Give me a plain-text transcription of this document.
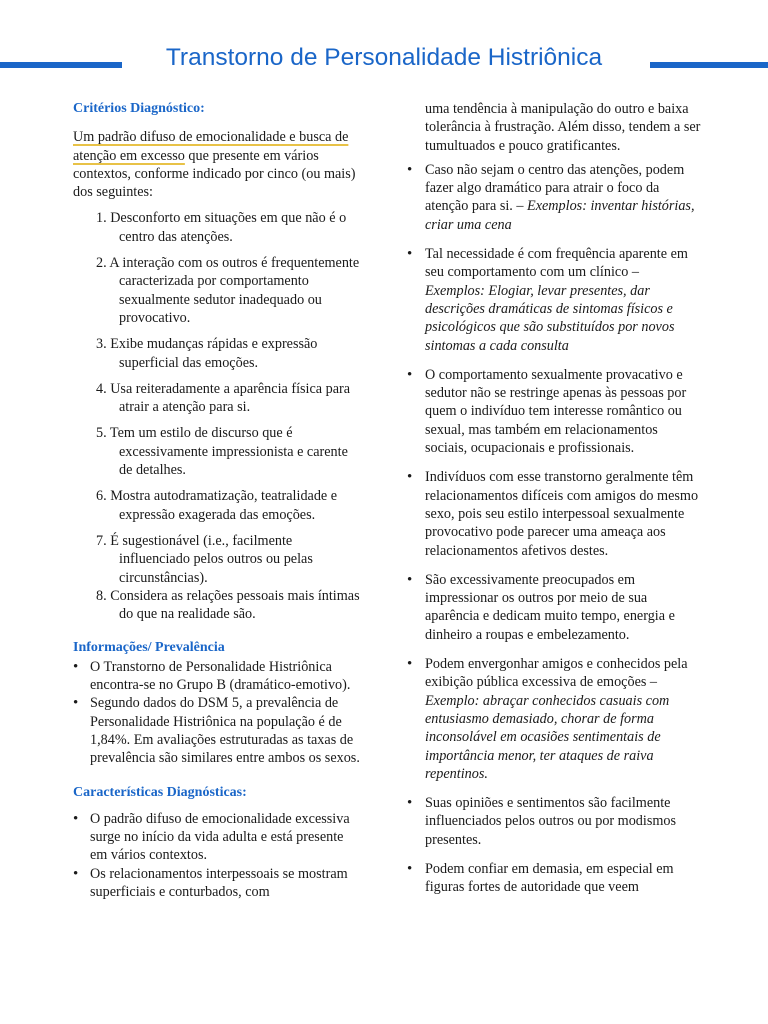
Transtorno de Personalidade Histriônica

Critérios Diagnóstico:

Um padrão difuso de emocionalidade e busca de atenção em excesso que presente em vários contextos, conforme indicado por cinco (ou mais) dos seguintes:

1. Desconforto em situações em que não é o centro das atenções.
2. A interação com os outros é frequentemente caracterizada por comportamento sexualmente sedutor inadequado ou provocativo.
3. Exibe mudanças rápidas e expressão superficial das emoções.
4. Usa reiteradamente a aparência física para atrair a atenção para si.
5. Tem um estilo de discurso que é excessivamente impressionista e carente de detalhes.
6. Mostra autodramatização, teatralidade e expressão exagerada das emoções.
7. É sugestionável (i.e., facilmente influenciado pelos outros ou pelas circunstâncias).
8. Considera as relações pessoais mais íntimas do que na realidade são.

Informações/ Prevalência

• O Transtorno de Personalidade Histriônica encontra-se no Grupo B (dramático-emotivo).
• Segundo dados do DSM 5, a prevalência de Personalidade Histriônica na população é de 1,84%. Em avaliações estruturadas as taxas de prevalência são similares entre ambos os sexos.

Características Diagnósticas:

• O padrão difuso de emocionalidade excessiva surge no início da vida adulta e está presente em vários contextos.
• Os relacionamentos interpessoais se mostram superficiais e conturbados, com

uma tendência à manipulação do outro e baixa tolerância à frustração. Além disso, tendem a ser tumultuados e pouco gratificantes.

• Caso não sejam o centro das atenções, podem fazer algo dramático para atrair o foco da atenção para si. – Exemplos: inventar histórias, criar uma cena
• Tal necessidade é com frequência aparente em seu comportamento com um clínico – Exemplos: Elogiar, levar presentes, dar descrições dramáticas de sintomas físicos e psicológicos que são substituídos por novos sintomas a cada consulta
• O comportamento sexualmente provacativo e sedutor não se restringe apenas às pessoas por quem o indivíduo tem interesse romântico ou sexual, mas também em relacionamentos sociais, ocupacionais e profissionais.
• Indivíduos com esse transtorno geralmente têm relacionamentos difíceis com amigos do mesmo sexo, pois seu estilo interpessoal sexualmente provocativo pode parecer uma ameaça aos relacionamentos afetivos destes.
• São excessivamente preocupados em impressionar os outros por meio de sua aparência e dedicam muito tempo, energia e dinheiro a roupas e embelezamento.
• Podem envergonhar amigos e conhecidos pela exibição pública excessiva de emoções – Exemplo: abraçar conhecidos casuais com entusiasmo demasiado, chorar de forma inconsolável em ocasiões sentimentais de importância menor, ter ataques de raiva repentinos.
• Suas opiniões e sentimentos são facilmente influenciados pelos outros ou por modismos presentes.
• Podem confiar em demasia, em especial em figuras fortes de autoridade que veem
